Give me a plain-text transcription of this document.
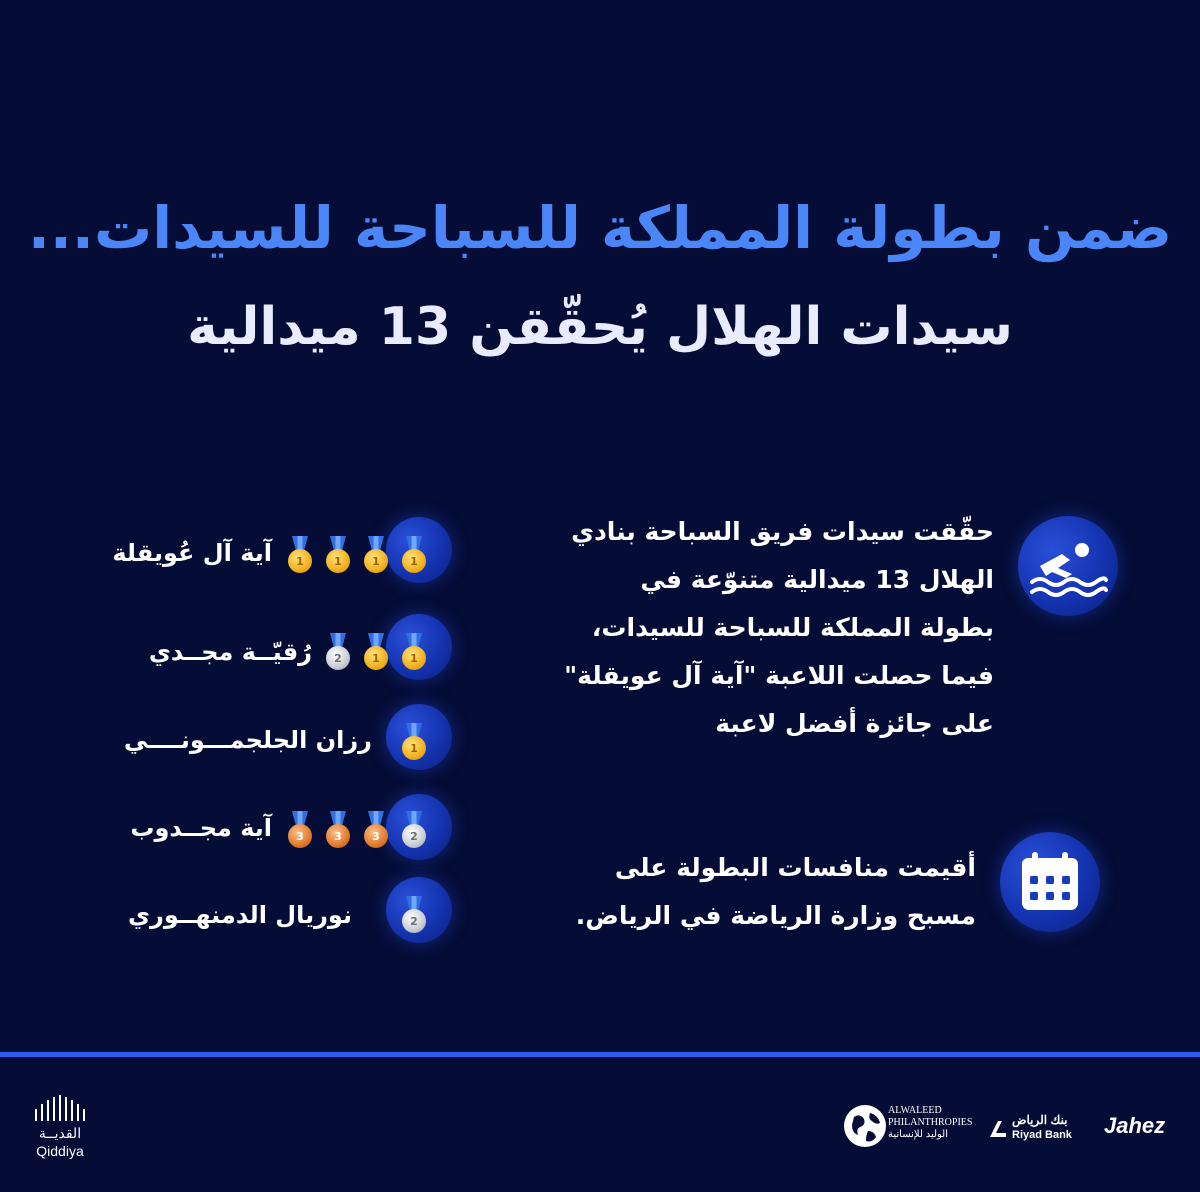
ضمن بطولة المملكة للسباحة للسيدات...
سيدات الهلال يُحقّقن 13 ميدالية
حقّقت سيدات فريق السباحة بنادي
الهلال 13 ميدالية متنوّعة في
بطولة المملكة للسباحة للسيدات،
فيما حصلت اللاعبة "آية آل عويقلة"
على جائزة أفضل لاعبة
أقيمت منافسات البطولة على
مسبح وزارة الرياضة في الرياض.
1
1
1
1
آية آل عُويقلة
1
1
2
رُقيّــة مجــدي
1
رزان الجلجمـــونــــي
2
3
3
3
آية مجــدوب
2
نوريال الدمنهــوري
القديــة
Qiddiya
ALWALEED
PHILANTHROPIES
الوليد للإنسانية
بنك الرياض
Riyad Bank Jahez
